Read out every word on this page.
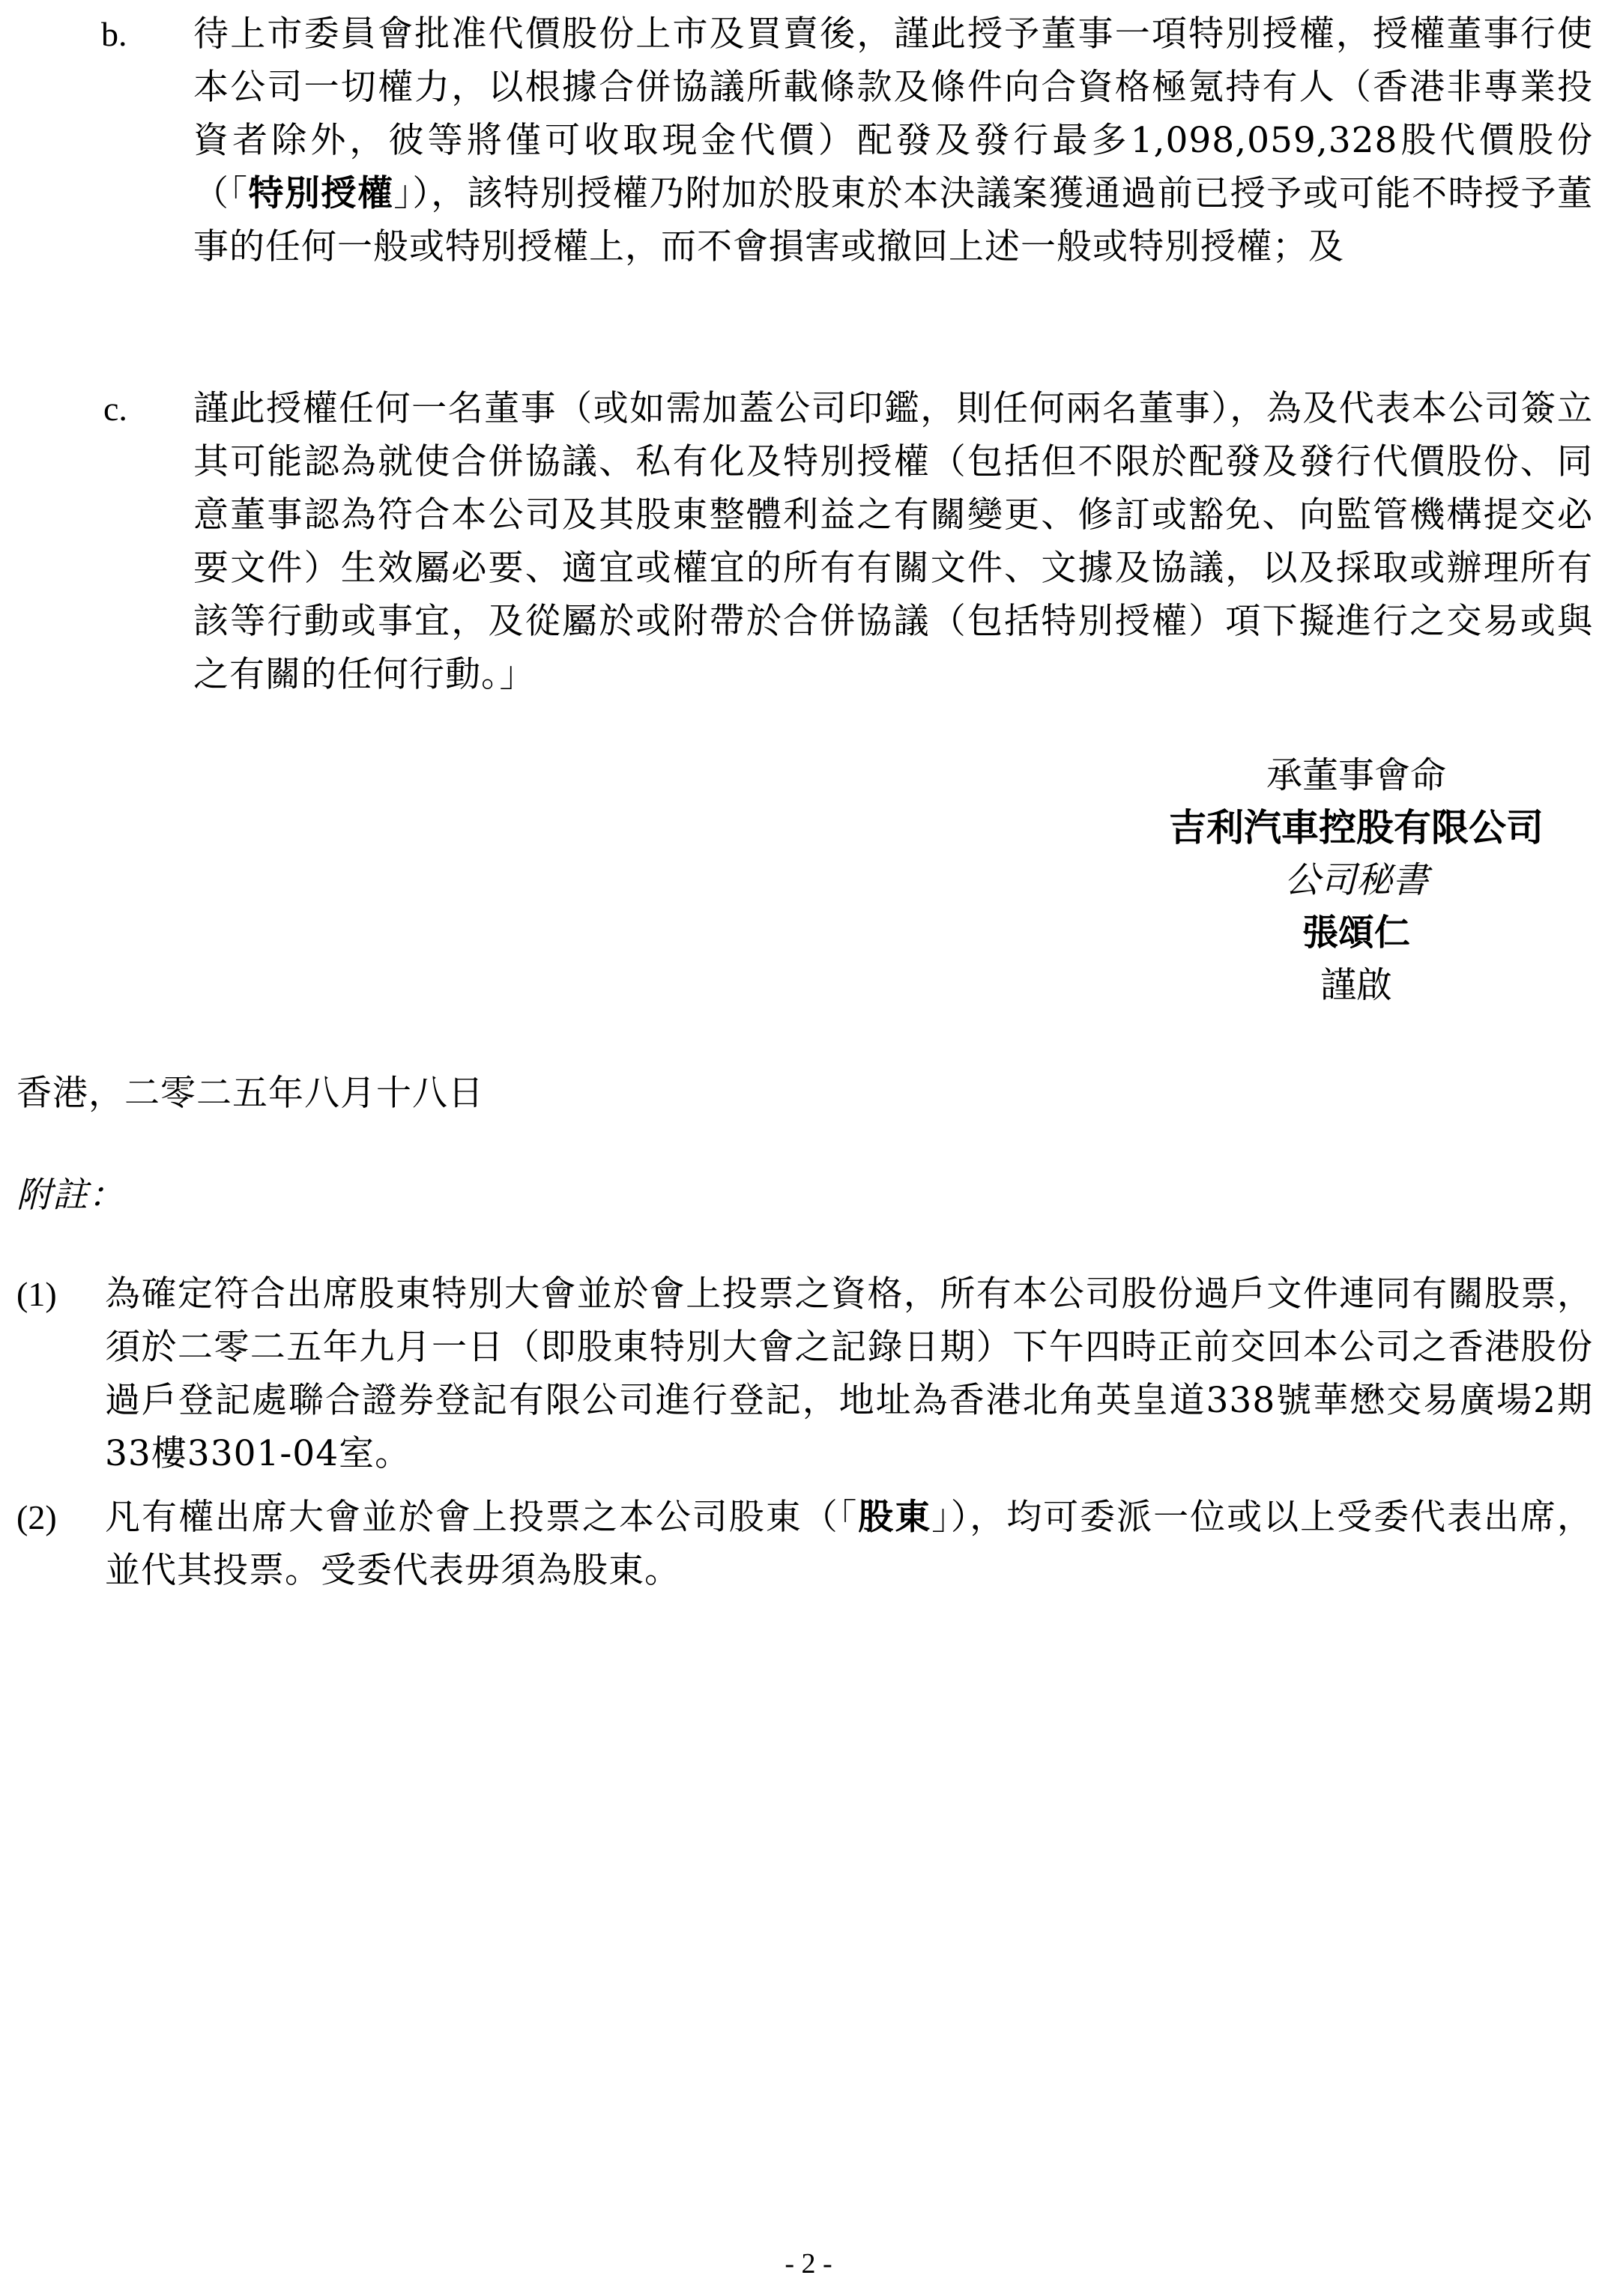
b. 待上市委員會批准代價股份上市及買賣後，謹此授予董事一項特別授權，授權董事行使本公司一切權力，以根據合併協議所載條款及條件向合資格極氪持有人（香港非專業投資者除外，彼等將僅可收取現金代價）配發及發行最多1,098,059,328股代價股份（「特別授權」），該特別授權乃附加於股東於本決議案獲通過前已授予或可能不時授予董事的任何一般或特別授權上，而不會損害或撤回上述一般或特別授權；及
c. 謹此授權任何一名董事（或如需加蓋公司印鑑，則任何兩名董事），為及代表本公司簽立其可能認為就使合併協議、私有化及特別授權（包括但不限於配發及發行代價股份、同意董事認為符合本公司及其股東整體利益之有關變更、修訂或豁免、向監管機構提交必要文件）生效屬必要、適宜或權宜的所有有關文件、文據及協議，以及採取或辦理所有該等行動或事宜，及從屬於或附帶於合併協議（包括特別授權）項下擬進行之交易或與之有關的任何行動。」
承董事會命
吉利汽車控股有限公司
公司秘書
張頌仁
謹啟
香港，二零二五年八月十八日
附註：
(1) 為確定符合出席股東特別大會並於會上投票之資格，所有本公司股份過戶文件連同有關股票，須於二零二五年九月一日（即股東特別大會之記錄日期）下午四時正前交回本公司之香港股份過戶登記處聯合證券登記有限公司進行登記，地址為香港北角英皇道338號華懋交易廣場2期33樓3301-04室。
(2) 凡有權出席大會並於會上投票之本公司股東（「股東」），均可委派一位或以上受委代表出席，並代其投票。受委代表毋須為股東。
- 2 -
